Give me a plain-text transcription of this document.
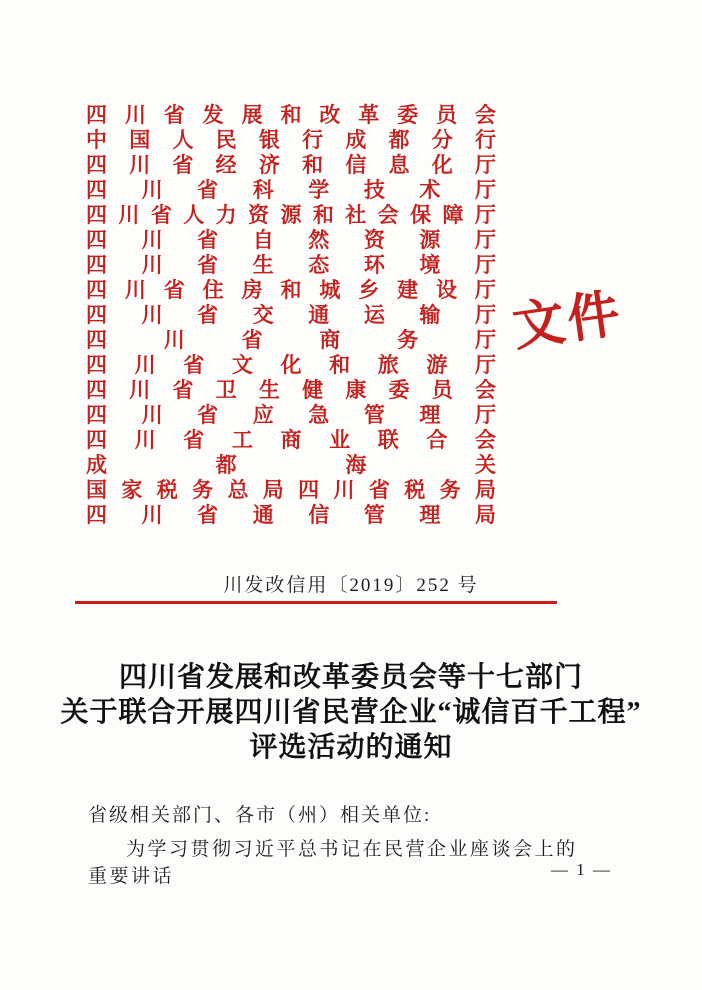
四 川 省 发 展 和 改 革 委 员 会
中 国 人 民 银 行 成 都 分 行
四 川 省 经 济 和 信 息 化 厅
四 川 省 科 学 技 术 厅
四 川 省 人 力 资 源 和 社 会 保 障 厅
四 川 省 自 然 资 源 厅
四 川 省 生 态 环 境 厅
四 川 省 住 房 和 城 乡 建 设 厅
四 川 省 交 通 运 输 厅
四	川	省	商	务	厅
四 川 省 文 化 和 旅 游 厅
四 川 省 卫 生 健 康 委 员 会
四 川 省 应 急 管 理 厅
四 川 省 工 商 业 联 合 会
成	都	海	关
国 家 税 务 总 局 四 川 省 税 务 局
四 川 省 通 信 管 理 局
文件
川发改信用〔2019〕252 号
四川省发展和改革委员会等十七部门
关于联合开展四川省民营企业“诚信百千工程”
评选活动的通知
省级相关部门、各市（州）相关单位:
为学习贯彻习近平总书记在民营企业座谈会上的重要讲话	— 1 —
